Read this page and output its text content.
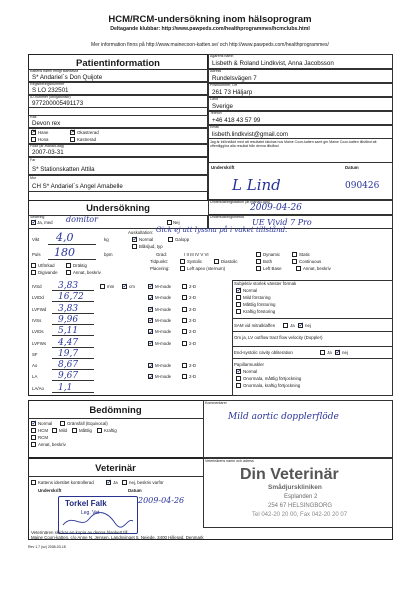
HCM/RCM-undersökning inom hälsoprogram
Deltagande klubbar: http://www.pawpeds.com/healthprogrammes/hcmclubs.html
Mer information finns på http://www.mainecoon-katten.se/ och http://www.pawpeds.com/healthprogrammes/
Patientinformation
Kattens namn enligt stamtavla
S* Andariel´s Don Quijote
Registreringsnummer
S LO 232501
ID-nummer (obligatoriskt)
977200005491173
Ras
Devon rex
✕
Hane ✕	Okastrerad
Hona	Kastrerad
Född (år-månad-dag)
2007-03-31
Far
S* Stationskatten Attila
Mor
CH S* Andariel´s Angel Amabelle
Ägarens namn
Lisbeth & Roland Lindkvist, Anna Jacobsson
Adress
Rundelsvägen 7
Postnummer, Ort
261 73 Häljarp
Land
Sverige
Telefon
+46 418 43 57 99
Email
lisbeth.lindkvist@gmail.com
Jag är införstådd med att resultatet skickas hos Maine Coon-katten samt ger Maine Coon-katten tillstånd att offentliggöra alla resultat från denna tillstånd
Underskrift	Datum
L Lind	090426
Undersökning
Undersökningsdatum (år-månad-dag)
2009-04-26
Sedering
✓
Ja, med domitor	Nej
Undersökningsmetod
UE Vivid 7 Pro
Vikt 4,0	kg
Puls 180	bpm
Utförkad	Dräktig
Digivande	Annat, beskriv
Auskultation: Gick ej att lyssna på i vaket tillstånd.
✓
Normal	Galopp
Blåsljud, typ
Grad:	I II III IV V VI	Dynamic	Static
Tidpunkt:	Systolic	Diastolic	Both	Continuous
Placering:	Left apex (sternum)	Left Base	Annat, beskriv
IVSd 3,83 ✓	mm	cm ✓	M-mode	2-D
LVIDd 16,72 ✓	M-mode	2-D
LVFWd 3,83 ✓	M-mode	2-D
IVSs 9,96 ✓	M-mode	2-D
LVIDs 5,11 ✓	M-mode	2-D
LVFWs 4,47 ✓	M-mode	2-D
SF 19,7
Ao 8,67 ✓	M-mode	2-D
LA 9,67 ✓	M-mode	2-D
LA/Ao 1,1
Subjektiv storlek vänster förmak
✓
Normal
Mild förstoring
Måttlig förstoring
Kraftig förstoring
SAM vid mitralklaffen	Ja ✓ nej
Om ja, LV outflow tract flow velocity (Doppler)
End-systolic cavity obliteration	Ja ✓ nej
Papillarmuskler
✓
Normal
Onormala, måttlig förtjockning
Onormala, kraftig förtjockning
Bedömning
Kommentarer
Mild aortic dopplerflöde
✓
Normal	Gränsfall (Equivocal)
HCM	Mild	Måttlig	Kraftig
RCM
Annat, beskriv
Veterinär
Veterinärens namn och adress
Kattens identitet kontrollerad ✓	Ja	nej, beskriv varför
Underskrift	Datum
2009-04-26
Torkel Falk
Leg. Vet
Din Veterinär
Smådjurskliniken
Esplanden 2
254 67 HELSINGBORG
Tel 042-20 20 00, Fax 042-20 20 07
Veterinären skickar en kopia av denna blankett till:
Maine Coon-katten, c/o Anne N. Jensen, Landsvinget 5, Nejede, 3400 Hillerød, Denmark
Rev 1.7 (sv) 2008-03-18
